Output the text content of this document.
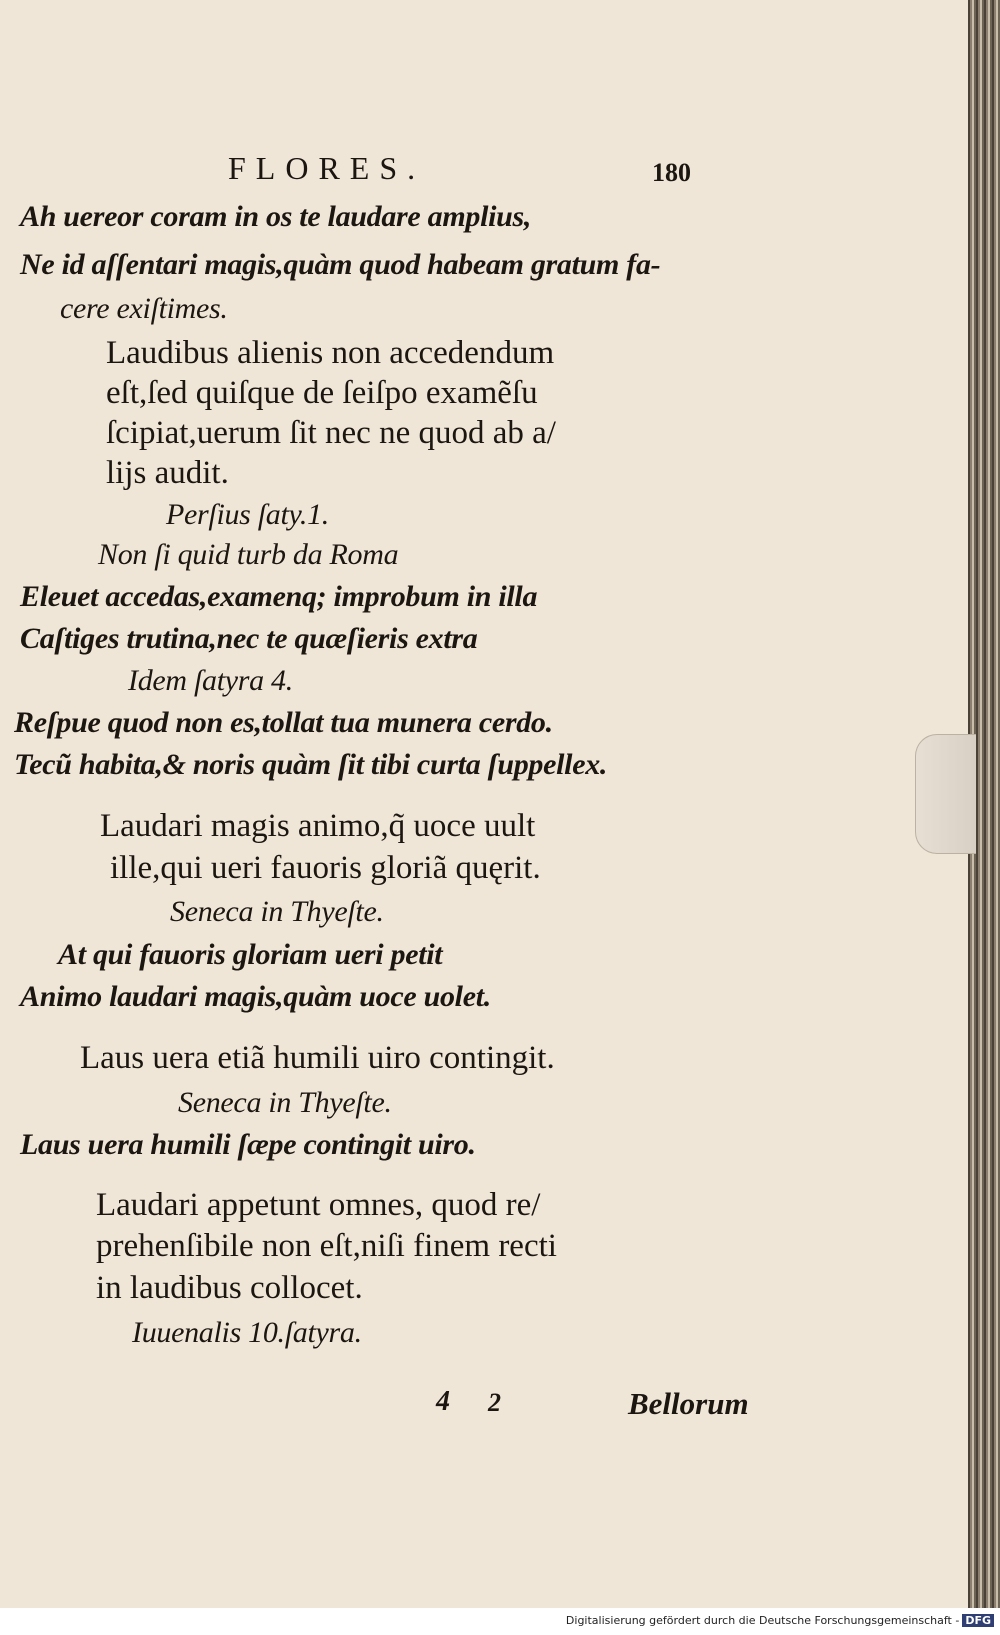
FLORES.	180
Ah uereor coram in os te laudare amplius,
Ne id aſſentari magis,quàm quod habeam gratum fa-
cere exiſtimes.
Laudibus alienis non accedendum
eſt,ſed quiſque de ſeiſpo examẽſu
ſcipiat,uerum ſit nec ne quod ab a/
lijs audit.
Perſius ſaty.1.
Non ſi quid turb da Roma
Eleuet accedas,examenq; improbum in illa
Caſtiges trutina,nec te quæſieris extra
Idem ſatyra 4.
Reſpue quod non es,tollat tua munera cerdo.
Tecũ habita,& noris quàm ſit tibi curta ſuppellex.
Laudari magis animo,q̃ uoce uult
ille,qui ueri fauoris gloriã quęrit.
Seneca in Thyeſte.
At qui fauoris gloriam ueri petit
Animo laudari magis,quàm uoce uolet.
Laus uera etiã humili uiro contingit.
Seneca in Thyeſte.
Laus uera humili ſæpe contingit uiro.
Laudari appetunt omnes, quod re/
prehenſibile non eſt,niſi finem recti
in laudibus collocet.
Iuuenalis 10.ſatyra.
4 2	Bellorum
Digitalisierung gefördert durch die Deutsche Forschungsgemeinschaft - DFG
